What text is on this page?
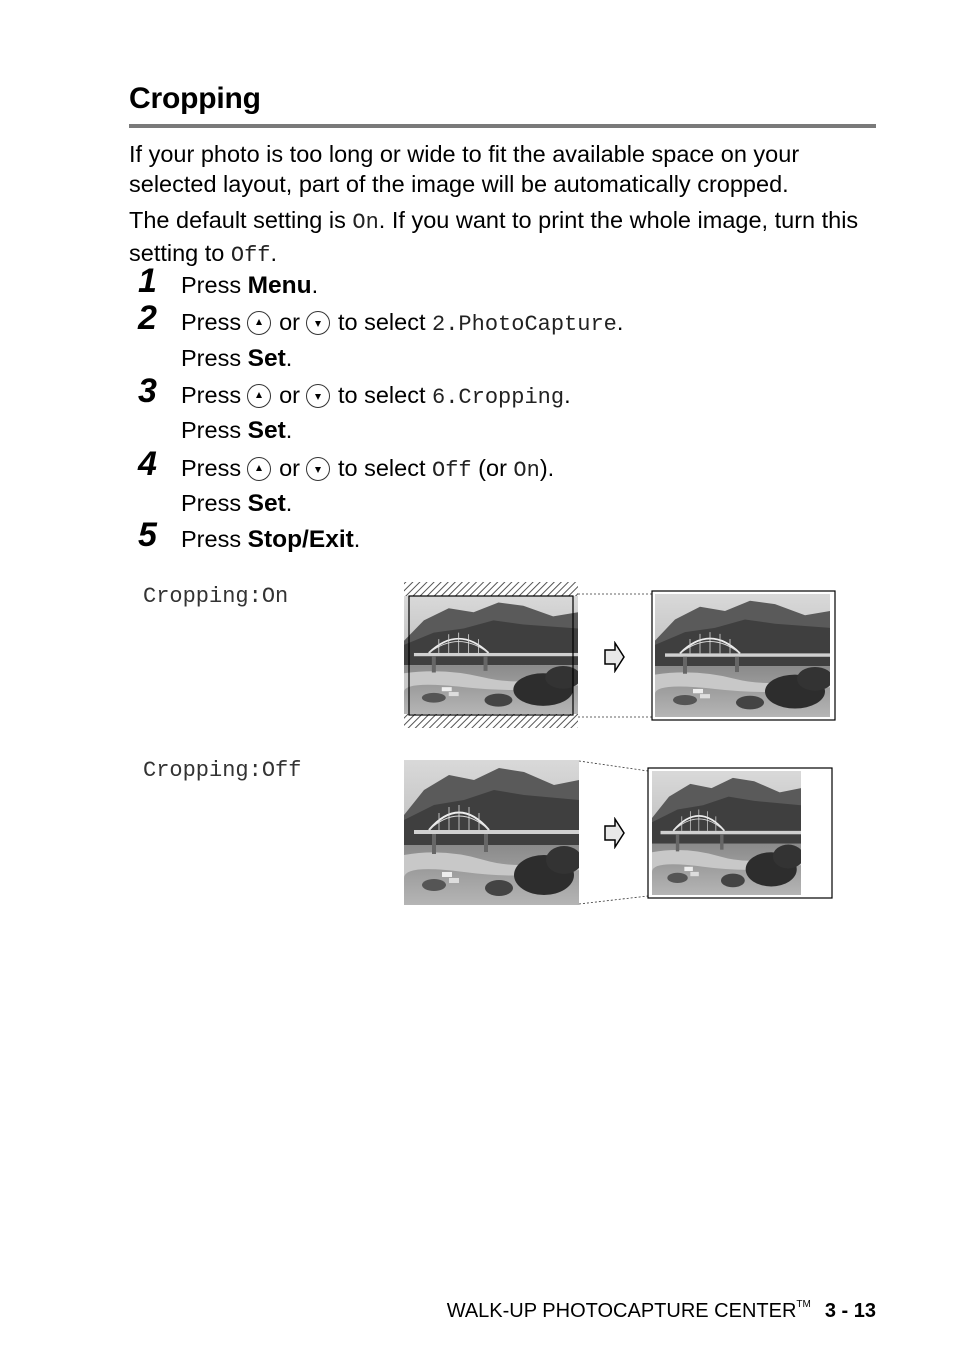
Cropping
If your photo is too long or wide to fit the available space on your selected layout, part of the image will be automatically cropped.
The default setting is On. If you want to print the whole image, turn this setting to Off.
1 Press Menu.
2 Press or to select 2.PhotoCapture.
Press Set.
3 Press or to select 6.Cropping.
Press Set.
4 Press or to select Off (or On).
Press Set.
5 Press Stop/Exit.
Cropping:On
Cropping:Off
WALK-UP PHOTOCAPTURE CENTER™ 3 - 13
